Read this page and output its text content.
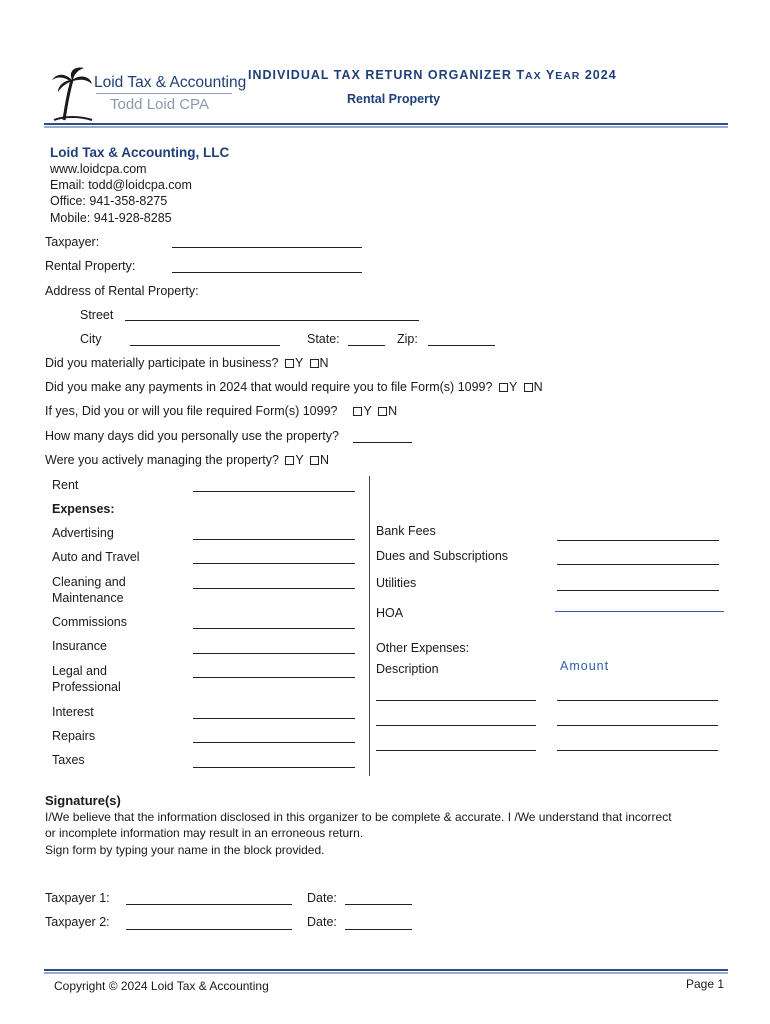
Loid Tax & Accounting
Todd Loid CPA
INDIVIDUAL TAX RETURN ORGANIZER TAX YEAR 2024
Rental Property
Loid Tax & Accounting, LLC
www.loidcpa.com
Email: todd@loidcpa.com
Office: 941-358-8275
Mobile: 941-928-8285
Taxpayer:
Rental Property:
Address of Rental Property:
Street
City	State:	Zip:
Did you materially participate in business? Y N
Did you make any payments in 2024 that would require you to file Form(s) 1099? Y N
If yes, Did you or will you file required Form(s) 1099? Y N
How many days did you personally use the property?
Were you actively managing the property? Y N
Rent
Expenses:
Advertising
Auto and Travel
Cleaning and
Maintenance
Commissions
Insurance
Legal and
Professional
Interest
Repairs
Taxes
Bank Fees
Dues and Subscriptions
Utilities
HOA
Other Expenses:
Description	Amount
Signature(s)
I/We believe that the information disclosed in this organizer to be complete & accurate. I /We understand that incorrect
or incomplete information may result in an erroneous return.
Sign form by typing your name in the block provided.
Taxpayer 1:	Date:
Taxpayer 2:	Date:
Copyright © 2024 Loid Tax & Accounting	Page 1
